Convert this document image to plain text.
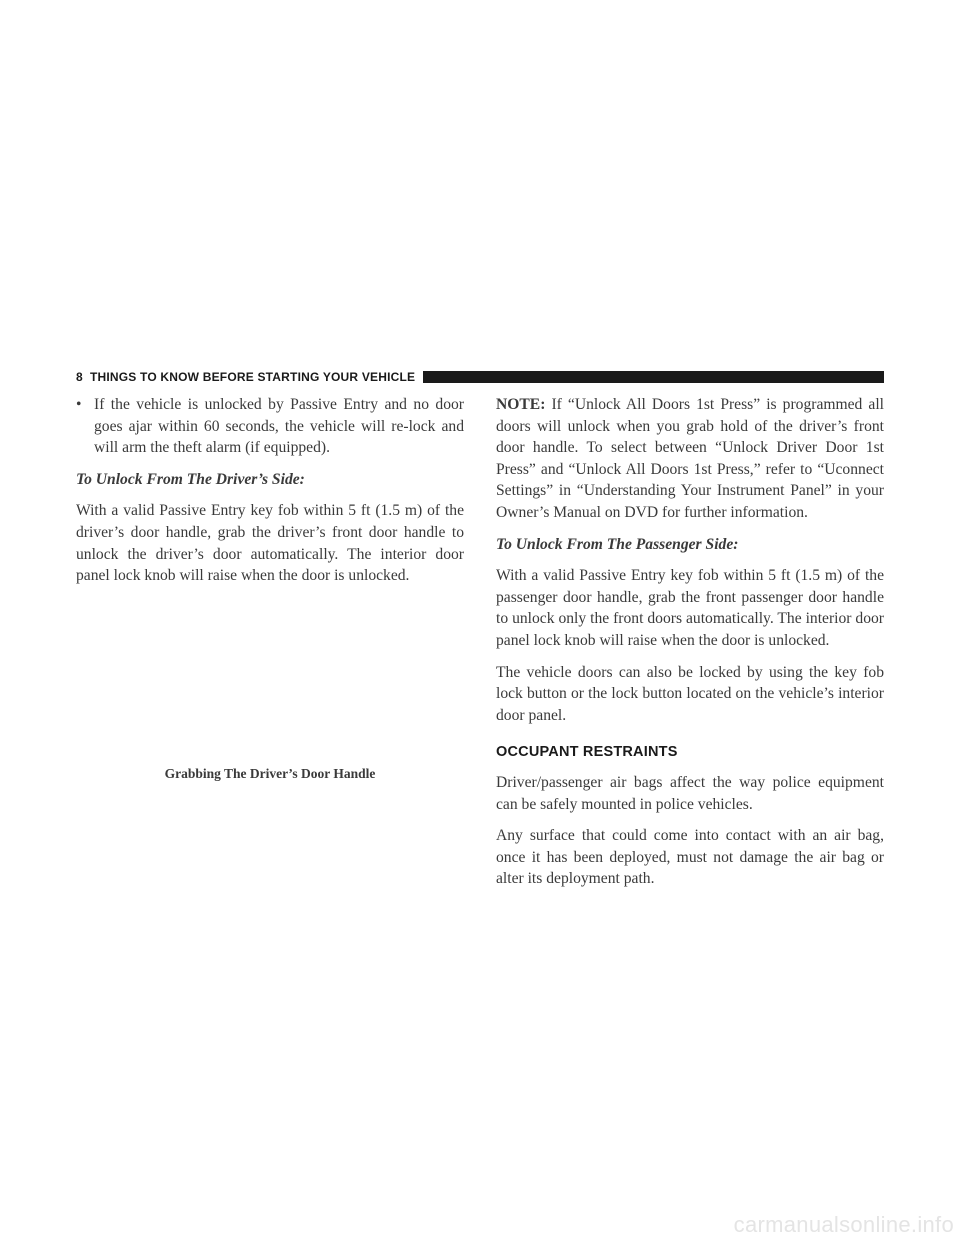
8 THINGS TO KNOW BEFORE STARTING YOUR VEHICLE
• If the vehicle is unlocked by Passive Entry and no door goes ajar within 60 seconds, the vehicle will re-lock and will arm the theft alarm (if equipped).

To Unlock From The Driver’s Side:

With a valid Passive Entry key fob within 5 ft (1.5 m) of the driver’s door handle, grab the driver’s front door handle to unlock the driver’s door automatically. The interior door panel lock knob will raise when the door is unlocked.

Grabbing The Driver’s Door Handle

NOTE: If “Unlock All Doors 1st Press” is programmed all doors will unlock when you grab hold of the driver’s front door handle. To select between “Unlock Driver Door 1st Press” and “Unlock All Doors 1st Press,” refer to “Uconnect Settings” in “Understanding Your Instrument Panel” in your Owner’s Manual on DVD for further information.

To Unlock From The Passenger Side:

With a valid Passive Entry key fob within 5 ft (1.5 m) of the passenger door handle, grab the front passenger door handle to unlock only the front doors automatically. The interior door panel lock knob will raise when the door is unlocked.

The vehicle doors can also be locked by using the key fob lock button or the lock button located on the vehicle’s interior door panel.

OCCUPANT RESTRAINTS

Driver/passenger air bags affect the way police equipment can be safely mounted in police vehicles.

Any surface that could come into contact with an air bag, once it has been deployed, must not damage the air bag or alter its deployment path.

carmanualsonline.info
